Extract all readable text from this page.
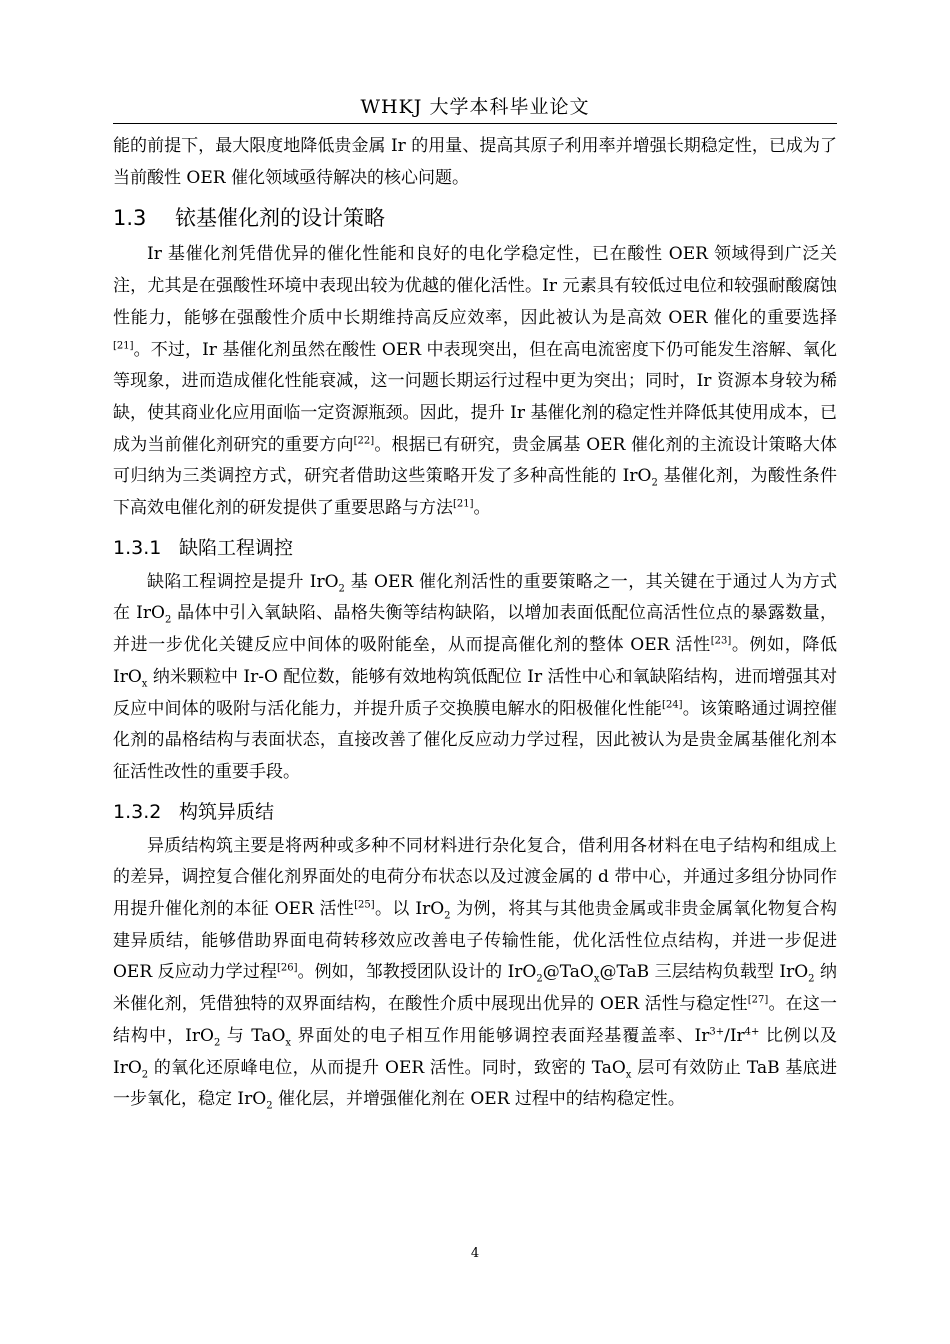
WHKJ 大学本科毕业论文

能的前提下，最大限度地降低贵金属 Ir 的用量、提高其原子利用率并增强长期稳定性，已成为了当前酸性 OER 催化领域亟待解决的核心问题。

1.3 铱基催化剂的设计策略

Ir 基催化剂凭借优异的催化性能和良好的电化学稳定性，已在酸性 OER 领域得到广泛关注，尤其是在强酸性环境中表现出较为优越的催化活性。Ir 元素具有较低过电位和较强耐酸腐蚀性能力，能够在强酸性介质中长期维持高反应效率，因此被认为是高效 OER 催化的重要选择[21]。不过，Ir 基催化剂虽然在酸性 OER 中表现突出，但在高电流密度下仍可能发生溶解、氧化等现象，进而造成催化性能衰减，这一问题长期运行过程中更为突出；同时，Ir 资源本身较为稀缺，使其商业化应用面临一定资源瓶颈。因此，提升 Ir 基催化剂的稳定性并降低其使用成本，已成为当前催化剂研究的重要方向[22]。根据已有研究，贵金属基 OER 催化剂的主流设计策略大体可归纳为三类调控方式，研究者借助这些策略开发了多种高性能的 IrO$_2$ 基催化剂，为酸性条件下高效电催化剂的研发提供了重要思路与方法[21]。

1.3.1 缺陷工程调控

缺陷工程调控是提升 IrO$_2$ 基 OER 催化剂活性的重要策略之一，其关键在于通过人为方式在 IrO$_2$ 晶体中引入氧缺陷、晶格失衡等结构缺陷，以增加表面低配位高活性位点的暴露数量，并进一步优化关键反应中间体的吸附能垒，从而提高催化剂的整体 OER 活性[23]。例如，降低 IrO$_x$ 纳米颗粒中 Ir-O 配位数，能够有效地构筑低配位 Ir 活性中心和氧缺陷结构，进而增强其对反应中间体的吸附与活化能力，并提升质子交换膜电解水的阳极催化性能[24]。该策略通过调控催化剂的晶格结构与表面状态，直接改善了催化反应动力学过程，因此被认为是贵金属基催化剂本征活性改性的重要手段。

1.3.2 构筑异质结

异质结构筑主要是将两种或多种不同材料进行杂化复合，借利用各材料在电子结构和组成上的差异，调控复合催化剂界面处的电荷分布状态以及过渡金属的 d 带中心，并通过多组分协同作用提升催化剂的本征 OER 活性[25]。以 IrO$_2$ 为例，将其与其他贵金属或非贵金属氧化物复合构建异质结，能够借助界面电荷转移效应改善电子传输性能，优化活性位点结构，并进一步促进 OER 反应动力学过程[26]。例如，邹教授团队设计的 IrO$_2$@TaO$_x$@TaB 三层结构负载型 IrO$_2$ 纳米催化剂，凭借独特的双界面结构，在酸性介质中展现出优异的 OER 活性与稳定性[27]。在这一结构中，IrO$_2$ 与 TaO$_x$ 界面处的电子相互作用能够调控表面羟基覆盖率、$Ir^{3+}/Ir^{4+}$ 比例以及 IrO$_2$ 的氧化还原峰电位，从而提升 OER 活性。同时，致密的 TaO$_x$ 层可有效防止 TaB 基底进一步氧化，稳定 IrO$_2$ 催化层，并增强催化剂在 OER 过程中的结构稳定性。

4
